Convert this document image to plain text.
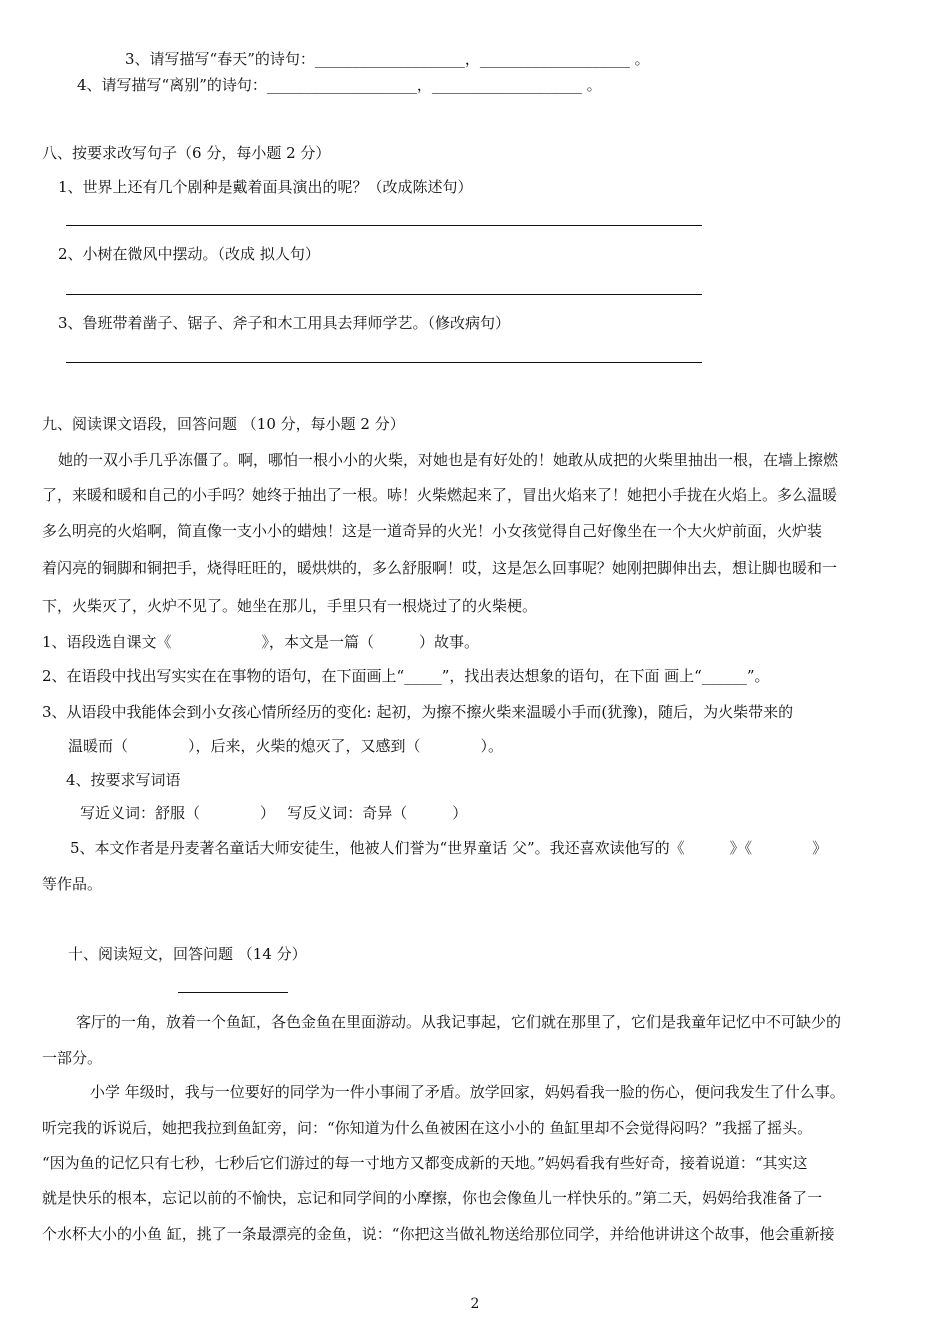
3、请写描写“春天”的诗句：____________________，____________________ 。
4、请写描写“离别”的诗句：____________________，____________________ 。
八、按要求改写句子（6 分，每小题 2 分）
1、世界上还有几个剧种是戴着面具演出的呢？（改成陈述句）
2、小树在微风中摆动。（改成 拟人句）
3、鲁班带着凿子、锯子、斧子和木工用具去拜师学艺。（修改病句）
九、阅读课文语段，回答问题 （10 分，每小题 2 分）
她的一双小手几乎冻僵了。啊，哪怕一根小小的火柴，对她也是有好处的！她敢从成把的火柴里抽出一根，在墙上擦燃
了，来暖和暖和自己的小手吗？她终于抽出了一根。哧！火柴燃起来了，冒出火焰来了！她把小手拢在火焰上。多么温暖
多么明亮的火焰啊，简直像一支小小的蜡烛！这是一道奇异的火光！小女孩觉得自己好像坐在一个大火炉前面，火炉装
着闪亮的铜脚和铜把手，烧得旺旺的，暖烘烘的，多么舒服啊！哎，这是怎么回事呢？她刚把脚伸出去，想让脚也暖和一
下，火柴灭了，火炉不见了。她坐在那儿，手里只有一根烧过了的火柴梗。
1、语段选自课文《　　　　　　》，本文是一篇（　　　）故事。
2、在语段中找出写实实在在事物的语句，在下面画上“_____”，找出表达想象的语句，在下面 画上“______”。
3、从语段中我能体会到小女孩心情所经历的变化: 起初，为擦不擦火柴来温暖小手而(犹豫)，随后，为火柴带来的
温暖而（　　　　），后来，火柴的熄灭了，又感到（　　　　）。
4、按要求写词语
写近义词：舒服（　　　　）　 写反义词：奇异（　　　）
5、本文作者是丹麦著名童话大师安徒生，他被人们誉为“世界童话 父”。我还喜欢读他写的《　　　》《　　　　》
等作品。
十、阅读短文，回答问题 （14 分）
客厅的一角，放着一个鱼缸，各色金鱼在里面游动。从我记事起，它们就在那里了，它们是我童年记忆中不可缺少的
一部分。
小学 年级时，我与一位要好的同学为一件小事闹了矛盾。放学回家，妈妈看我一脸的伤心，便问我发生了什么事。
听完我的诉说后，她把我拉到鱼缸旁，问：“你知道为什么鱼被困在这小小的 鱼缸里却不会觉得闷吗？”我摇了摇头。
“因为鱼的记忆只有七秒，七秒后它们游过的每一寸地方又都变成新的天地。”妈妈看我有些好奇，接着说道：“其实这
就是快乐的根本，忘记以前的不愉快，忘记和同学间的小摩擦，你也会像鱼儿一样快乐的。”第二天，妈妈给我准备了一
个水杯大小的小鱼 缸，挑了一条最漂亮的金鱼，说：“你把这当做礼物送给那位同学，并给他讲讲这个故事，他会重新接
2
